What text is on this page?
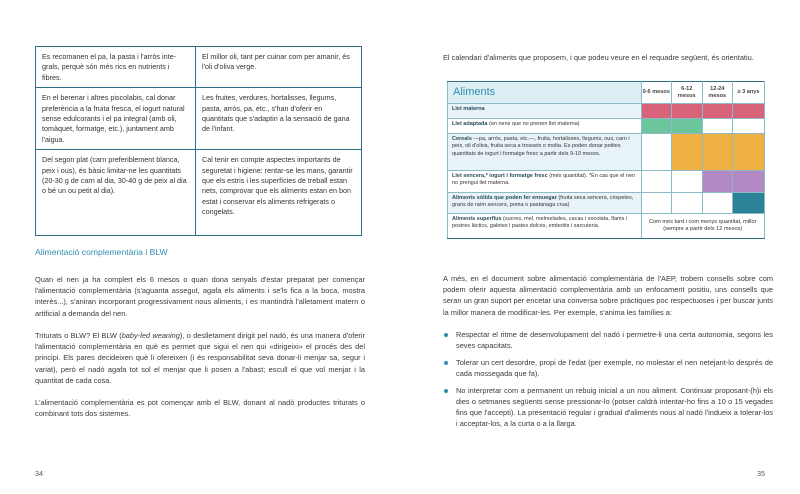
Es recomanen el pa, la pasta i l'arròs integrals, perquè són més rics en nutrients i fibres.	El millor oli, tant per cuinar com per amanir, és l'oli d'oliva verge.
En el berenar i altres piscolabis, cal donar preferència a la fruita fresca, el iogurt natural sense edulcorants i el pa integral (amb oli, tomàquet, formatge, etc.), juntament amb l'aigua.	Les fruites, verdures, hortalisses, llegums, pasta, arròs, pa, etc., s'han d'oferir en quantitats que s'adaptin a la sensació de gana de l'infant.
Del segon plat (carn preferiblement blanca, peix i ous), és bàsic limitar-ne les quantitats (20-30 g de carn al dia, 30-40 g de peix al dia o bé un ou petit al dia).	Cal tenir en compte aspectes importants de seguretat i higiene: rentar-se les mans, garantir que els estris i les superfícies de treball estan nets, comprovar que els aliments estan en bon estat i conservar els aliments refrigerats o congelats.
Alimentació complementària i BLW

Quan el nen ja ha complert els 6 mesos o quan dona senyals d'estar preparat per començar l'alimentació complementària (s'aguanta assegut, agafa els aliments i se'ls fica a la boca, mostra interès...), s'aniran incorporant progressivament nous aliments, i es mantindrà l'alletament matern o artificial a demanda del nen.

Triturats o BLW? El BLW (baby-led weaning), o deslletament dirigit pel nadó, és una manera d'oferir l'alimentació complementària en què es permet que sigui el nen qui «dirigeixi» el procés des del principi. Els pares decideixen què li ofereixen (i és responsabilitat seva donar-li menjar sa, segur i variat), però el nadó agafa tot sol el menjar que li posen a l'abast; escull el que vol menjar i la quantitat de cada cosa.

L'alimentació complementària es pot començar amb el BLW, donant al nadó productes triturats o combinant tots dos sistemes.

34

El calendari d'aliments que proposem, i que podeu veure en el requadre següent, és orientatiu.

Aliments	0-6 mesos	6-12 mesos	12-24 mesos	≥ 3 anys
Llet materna				
Llet adaptada (en nens que no prenen llet materna)				
Cereals —pa, arròs, pasta, etc.—, fruita, hortalisses, llegums, ous, carn i peix, oli d'oliva, fruita seca a trossets o molta. Es poden donar petites quantitats de iogurt i formatge fresc a partir dels 9-10 mesos.				
Llet sencera,* iogurt i formatge fresc (més quantitat). *En cas que el nen no prengui llet materna.				
Aliments sòlids que poden fer ennuegar (fruita seca sencera, crispetes, grans de raïm sencers, poma o pastanaga crua)				
Aliments superflus (sucres, mel, melmelades, cacau i xocolata, flams i postres làctics, galetes i pastes dolces, embotits i xarcuteria.	Com més tard i com menys quantitat, millor (sempre a partir dels 12 mesos)			

A més, en el document sobre alimentació complementària de l'AEP, trobem consells sobre com podem oferir aquesta alimentació complementària amb un enfocament positiu, uns consells que seran un gran suport per encetar una conversa sobre pràctiques poc respectuoses i per buscar junts la millor manera de modificar-les. Per exemple, s'anima les famílies a:

Respectar el ritme de desenvolupament del nadó i permetre-li una certa autonomia, segons les seves capacitats.
Tolerar un cert desordre, propi de l'edat (per exemple, no molestar el nen netejant-lo després de cada mossegada que fa).
No interpretar com a permanent un rebuig inicial a un nou aliment. Continuar proposant-(h)i els dies o setmanes següents sense pressionar-lo (potser caldrà intentar-ho fins a 10 o 15 vegades fins que l'accepti). La presentació regular i gradual d'aliments nous al nadó l'indueix a tolerar-los i acceptar-los, a la curta o a la llarga.
35
